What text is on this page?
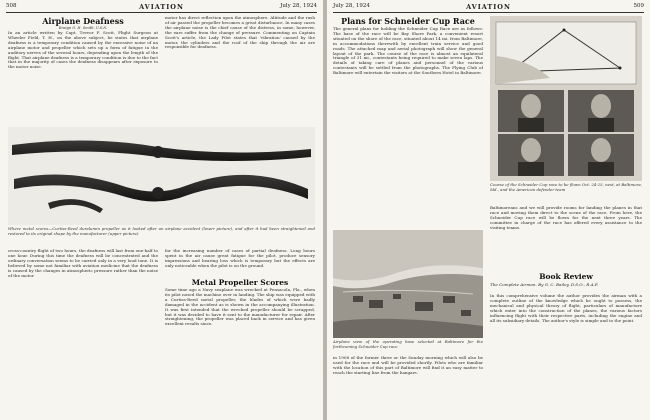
508	AVIATION	July 28, 1924
Airplane Deafness
Ensign G. H. Smith, U.S.N.
In an article written by Capt. Trevor F. Scott, Flight Surgeon at Wheeler Field, T. H., on the above subject, he states that airplane deafness is a temporary condition caused by the excessive noise of an airplane motor and propeller which sets up a form of fatigue in the auditory nerves of the several hours, depending upon the length of the flight. That airplane deafness is a temporary condition is due to the fact that in the majority of cases the deafness disappears after exposure to the motor noise.
motor has direct reflection upon the atmosphere. Altitude and the rush of air passed the propeller becomes a great disturbance. In many cases the airplane noise is the chief cause of the distress, in some, however, the ears suffer from the change of pressure. Commenting on Captain Scott's article, the Lady Pilot states that 'vibration' caused by the motor, the cylinders and the roof of the ship through the air are responsible for deafness.
Where metal scores—Curtiss-Reed duralumin propeller as it looked after an airplane accident (lower picture), and after it had been straightened and restored to its original shape by the manufacturer (upper picture)
cross-country flight of two hours, the deafness will last from one-half to one hour. During this time the deafness will be concentrated and the ordinary conversation seems to be carried only in a very loud tone. It is believed by some not familiar with aviation medicine that the deafness is caused by the changes in atmospheric pressure rather than the noise of the motor.
for the increasing number of cases of partial deafness. Long hours spent in the air cause great fatigue for the pilot, produce sensory impressions and hearing loss which is temporary but the effects are only noticeable when the pilot is on the ground.
Metal Propeller Scores
Some time ago a Navy seaplane was wrecked at Pensacola, Fla., when its pilot nosed the machine over in landing. The ship was equipped with a Curtiss-Reed metal propeller, the blades of which were badly damaged in the accident as is shown in the accompanying illustration. It was first intended that the wrecked propeller should be scrapped, but it was decided to have it sent to the manufacturer for repair. After straightening, the propeller was placed back in service and has given excellent results since.
July 28, 1924	AVIATION	509
Plans for Schneider Cup Race
The general plans for holding the Schneider Cup Race are as follows: The base of the race will be Bay Shore Park, a convenient resort situated on the shore of the race, situated about 14 mi. from Baltimore, in accommodations therewith by excellent train service and good roads. The attached map and aerial photograph will show the general layout of the park. The course of the race is almost an equilateral triangle of 31 mi., contestants being required to make seven laps. The details of taking care of planes and personnel of the various contestants will be settled from the photographs. The Flying Club of Baltimore will entertain the visitors at the Southern Hotel in Baltimore.
Course of the Schneider Cup race to be flown Oct. 24-25, next, at Baltimore, Md., and the American defender team
Baltimoreans and we will provide rooms for landing the planes in that race and moving them direct to the scene of the race. From here, the Schneider Cup race will be flown for the next three years. The committee in charge of the race has offered every assistance to the visiting teams.
Airplane view of the operating base selected at Baltimore for the forthcoming Schneider Cup race
in 1908 of the former three or the Sunday morning which will also be used for the race and will be provided shortly. Pilots who are familiar with the location of this part of Baltimore will find it an easy matter to reach the starting line from the hangars.
Book Review
The Complete Airman. By G. C. Bailey, D.S.O., R.A.F.
In this comprehensive volume the author provides the airman with a complete outline of the knowledge which he ought to possess, the mechanical and physical theory of flight, particulars of manufacture which enter into the construction of the planes, the various factors influencing flight with their respective parts, including the engine and all its subsidiary details. The author's style is simple and to the point.
